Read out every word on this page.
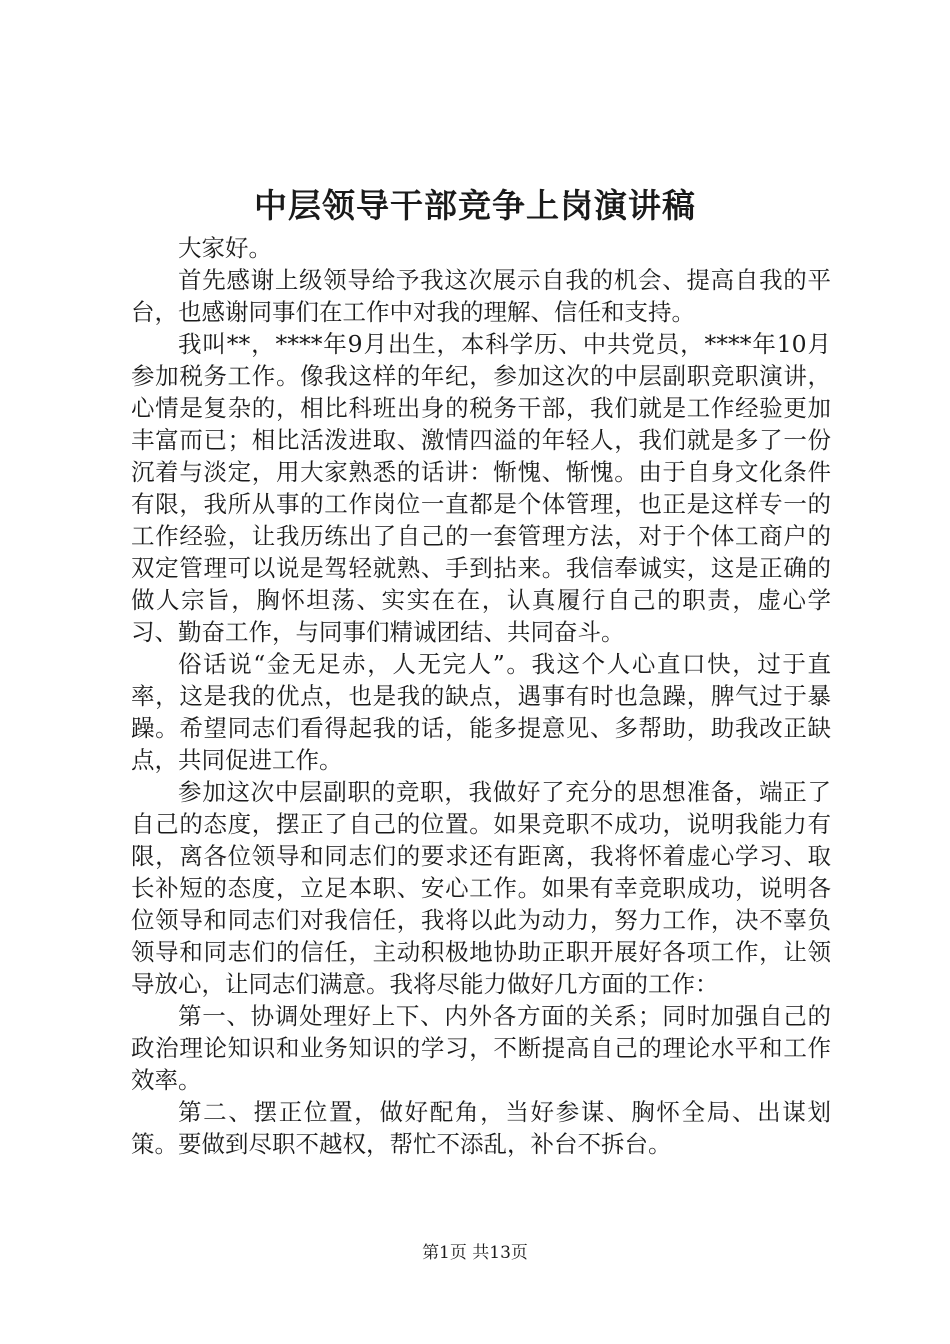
中层领导干部竞争上岗演讲稿

大家好。

首先感谢上级领导给予我这次展示自我的机会、提高自我的平台，也感谢同事们在工作中对我的理解、信任和支持。

我叫**，****年9月出生，本科学历、中共党员，****年10月参加税务工作。像我这样的年纪，参加这次的中层副职竞职演讲，心情是复杂的，相比科班出身的税务干部，我们就是工作经验更加丰富而已；相比活泼进取、激情四溢的年轻人，我们就是多了一份沉着与淡定，用大家熟悉的话讲：惭愧、惭愧。由于自身文化条件有限，我所从事的工作岗位一直都是个体管理，也正是这样专一的工作经验，让我历练出了自己的一套管理方法，对于个体工商户的双定管理可以说是驾轻就熟、手到拈来。我信奉诚实，这是正确的做人宗旨，胸怀坦荡、实实在在，认真履行自己的职责，虚心学习、勤奋工作，与同事们精诚团结、共同奋斗。

俗话说“金无足赤，人无完人”。我这个人心直口快，过于直率，这是我的优点，也是我的缺点，遇事有时也急躁，脾气过于暴躁。希望同志们看得起我的话，能多提意见、多帮助，助我改正缺点，共同促进工作。

参加这次中层副职的竞职，我做好了充分的思想准备，端正了自己的态度，摆正了自己的位置。如果竞职不成功，说明我能力有限，离各位领导和同志们的要求还有距离，我将怀着虚心学习、取长补短的态度，立足本职、安心工作。如果有幸竞职成功，说明各位领导和同志们对我信任，我将以此为动力，努力工作，决不辜负领导和同志们的信任，主动积极地协助正职开展好各项工作，让领导放心，让同志们满意。我将尽能力做好几方面的工作：

第一、协调处理好上下、内外各方面的关系；同时加强自己的政治理论知识和业务知识的学习，不断提高自己的理论水平和工作效率。

第二、摆正位置，做好配角，当好参谋、胸怀全局、出谋划策。要做到尽职不越权，帮忙不添乱，补台不拆台。

第1页 共13页
